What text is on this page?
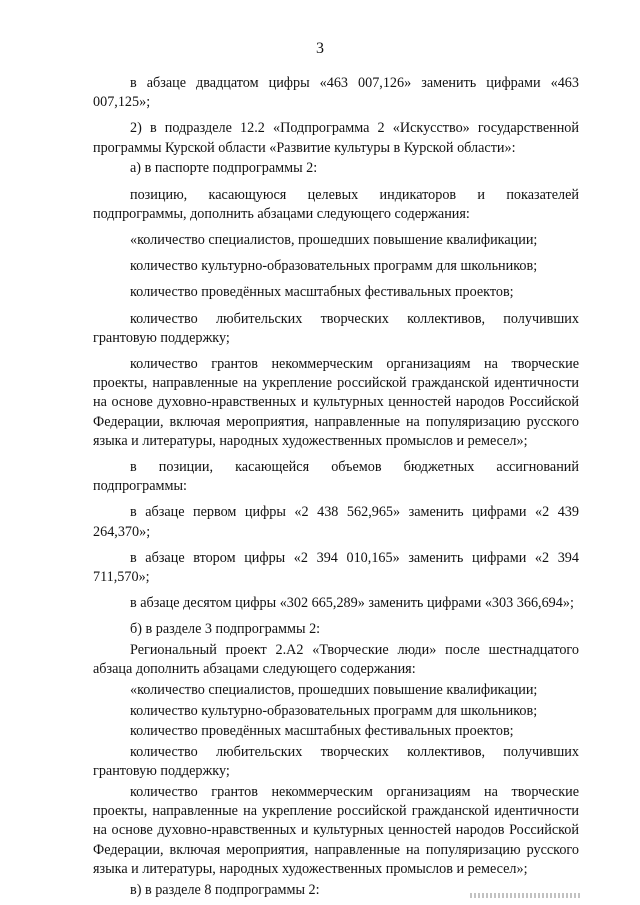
3

в абзаце двадцатом цифры «463 007,126» заменить цифрами «463 007,125»;

2) в подразделе 12.2 «Подпрограмма 2 «Искусство» государственной программы Курской области «Развитие культуры в Курской области»:

а) в паспорте подпрограммы 2:

позицию, касающуюся целевых индикаторов и показателей подпрограммы, дополнить абзацами следующего содержания:

«количество специалистов, прошедших повышение квалификации;

количество культурно-образовательных программ для школьников;

количество проведённых масштабных фестивальных проектов;

количество любительских творческих коллективов, получивших грантовую поддержку;

количество грантов некоммерческим организациям на творческие проекты, направленные на укрепление российской гражданской идентичности на основе духовно-нравственных и культурных ценностей народов Российской Федерации, включая мероприятия, направленные на популяризацию русского языка и литературы, народных художественных промыслов и ремесел»;

в позиции, касающейся объемов бюджетных ассигнований подпрограммы:

в абзаце первом цифры «2 438 562,965» заменить цифрами «2 439 264,370»;

в абзаце втором цифры «2 394 010,165» заменить цифрами «2 394 711,570»;

в абзаце десятом цифры «302 665,289» заменить цифрами «303 366,694»;

б) в разделе 3 подпрограммы 2:

Региональный проект 2.А2 «Творческие люди» после шестнадцатого абзаца дополнить абзацами следующего содержания:

«количество специалистов, прошедших повышение квалификации;

количество культурно-образовательных программ для школьников;

количество проведённых масштабных фестивальных проектов;

количество любительских творческих коллективов, получивших грантовую поддержку;

количество грантов некоммерческим организациям на творческие проекты, направленные на укрепление российской гражданской идентичности на основе духовно-нравственных и культурных ценностей народов Российской Федерации, включая мероприятия, направленные на популяризацию русского языка и литературы, народных художественных промыслов и ремесел»;

в) в разделе 8 подпрограммы 2:
